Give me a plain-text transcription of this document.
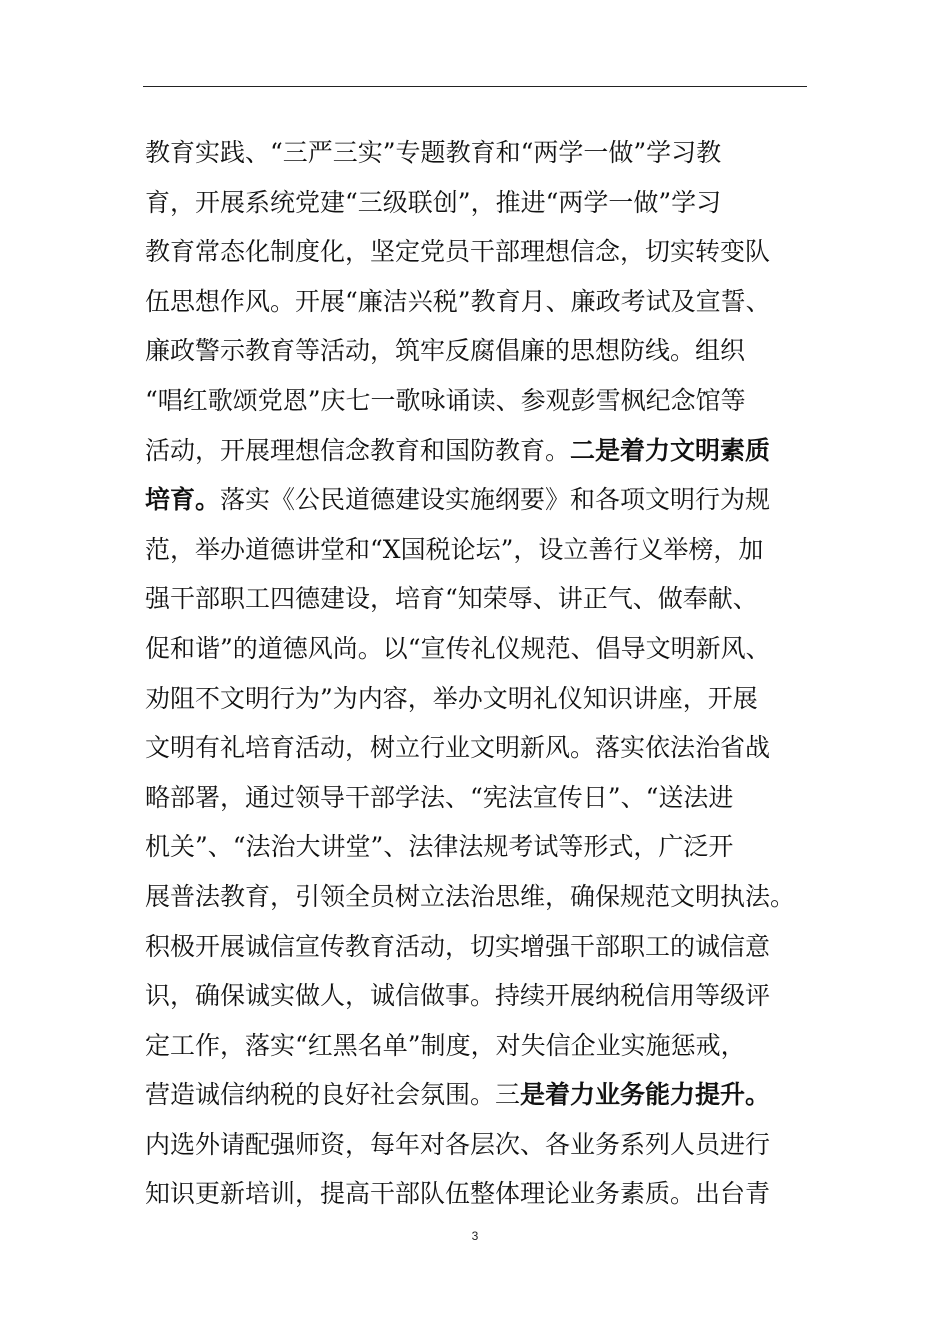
教育实践、“三严三实”专题教育和“两学一做”学习教
育，开展系统党建“三级联创”，推进“两学一做”学习
教育常态化制度化，坚定党员干部理想信念，切实转变队
伍思想作风。开展“廉洁兴税”教育月、廉政考试及宣誓、
廉政警示教育等活动，筑牢反腐倡廉的思想防线。组织
“唱红歌颂党恩”庆七一歌咏诵读、参观彭雪枫纪念馆等
活动，开展理想信念教育和国防教育。二是着力文明素质
培育。落实《公民道德建设实施纲要》和各项文明行为规
范，举办道德讲堂和“X国税论坛”，设立善行义举榜，加
强干部职工四德建设，培育“知荣辱、讲正气、做奉献、
促和谐”的道德风尚。以“宣传礼仪规范、倡导文明新风、
劝阻不文明行为”为内容，举办文明礼仪知识讲座，开展
文明有礼培育活动，树立行业文明新风。落实依法治省战
略部署，通过领导干部学法、“宪法宣传日”、“送法进
机关”、“法治大讲堂”、法律法规考试等形式，广泛开
展普法教育，引领全员树立法治思维，确保规范文明执法。
积极开展诚信宣传教育活动，切实增强干部职工的诚信意
识，确保诚实做人，诚信做事。持续开展纳税信用等级评
定工作，落实“红黑名单”制度，对失信企业实施惩戒，
营造诚信纳税的良好社会氛围。三是着力业务能力提升。
内选外请配强师资，每年对各层次、各业务系列人员进行
知识更新培训，提高干部队伍整体理论业务素质。出台青
3
